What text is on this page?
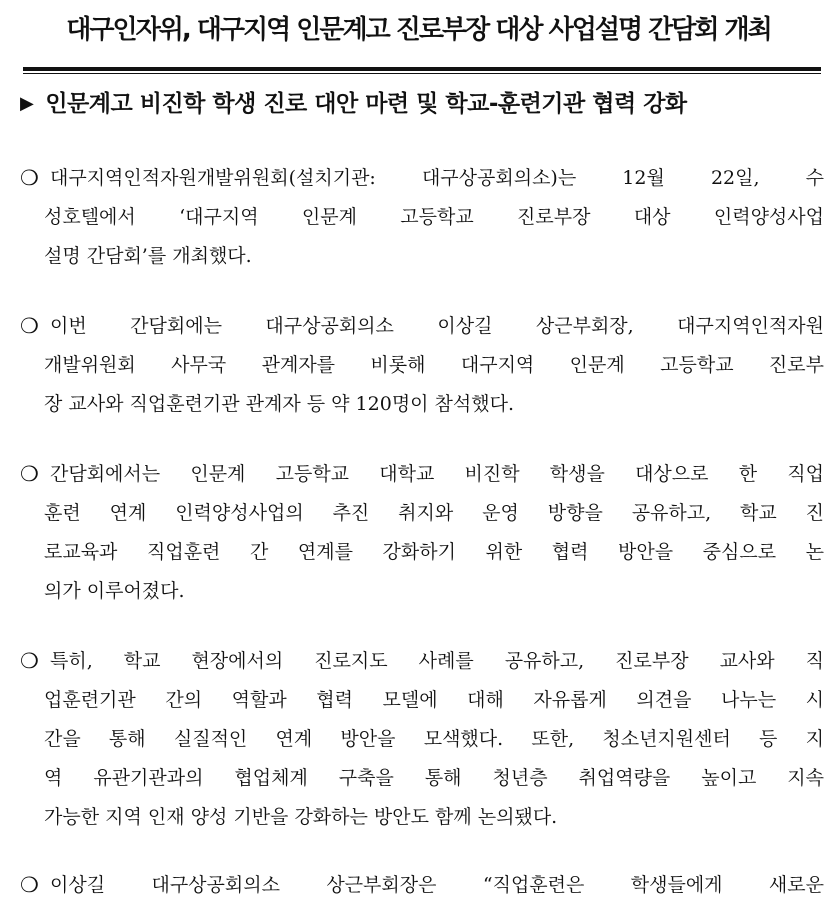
대구인자위, 대구지역 인문계고 진로부장 대상 사업설명 간담회 개최
▶ 인문계고 비진학 학생 진로 대안 마련 및 학교-훈련기관 협력 강화
❍ 대구지역인적자원개발위원회(설치기관: 대구상공회의소)는 12월 22일, 수
성호텔에서 ‘대구지역 인문계 고등학교 진로부장 대상 인력양성사업
설명 간담회’를 개최했다.
❍ 이번 간담회에는 대구상공회의소 이상길 상근부회장, 대구지역인적자원
개발위원회 사무국 관계자를 비롯해 대구지역 인문계 고등학교 진로부
장 교사와 직업훈련기관 관계자 등 약 120명이 참석했다.
❍ 간담회에서는 인문계 고등학교 대학교 비진학 학생을 대상으로 한 직업
훈련 연계 인력양성사업의 추진 취지와 운영 방향을 공유하고, 학교 진
로교육과 직업훈련 간 연계를 강화하기 위한 협력 방안을 중심으로 논
의가 이루어졌다.
❍ 특히, 학교 현장에서의 진로지도 사례를 공유하고, 진로부장 교사와 직
업훈련기관 간의 역할과 협력 모델에 대해 자유롭게 의견을 나누는 시
간을 통해 실질적인 연계 방안을 모색했다. 또한, 청소년지원센터 등 지
역 유관기관과의 협업체계 구축을 통해 청년층 취업역량을 높이고 지속
가능한 지역 인재 양성 기반을 강화하는 방안도 함께 논의됐다.
❍ 이상길 대구상공회의소 상근부회장은 “직업훈련은 학생들에게 새로운
